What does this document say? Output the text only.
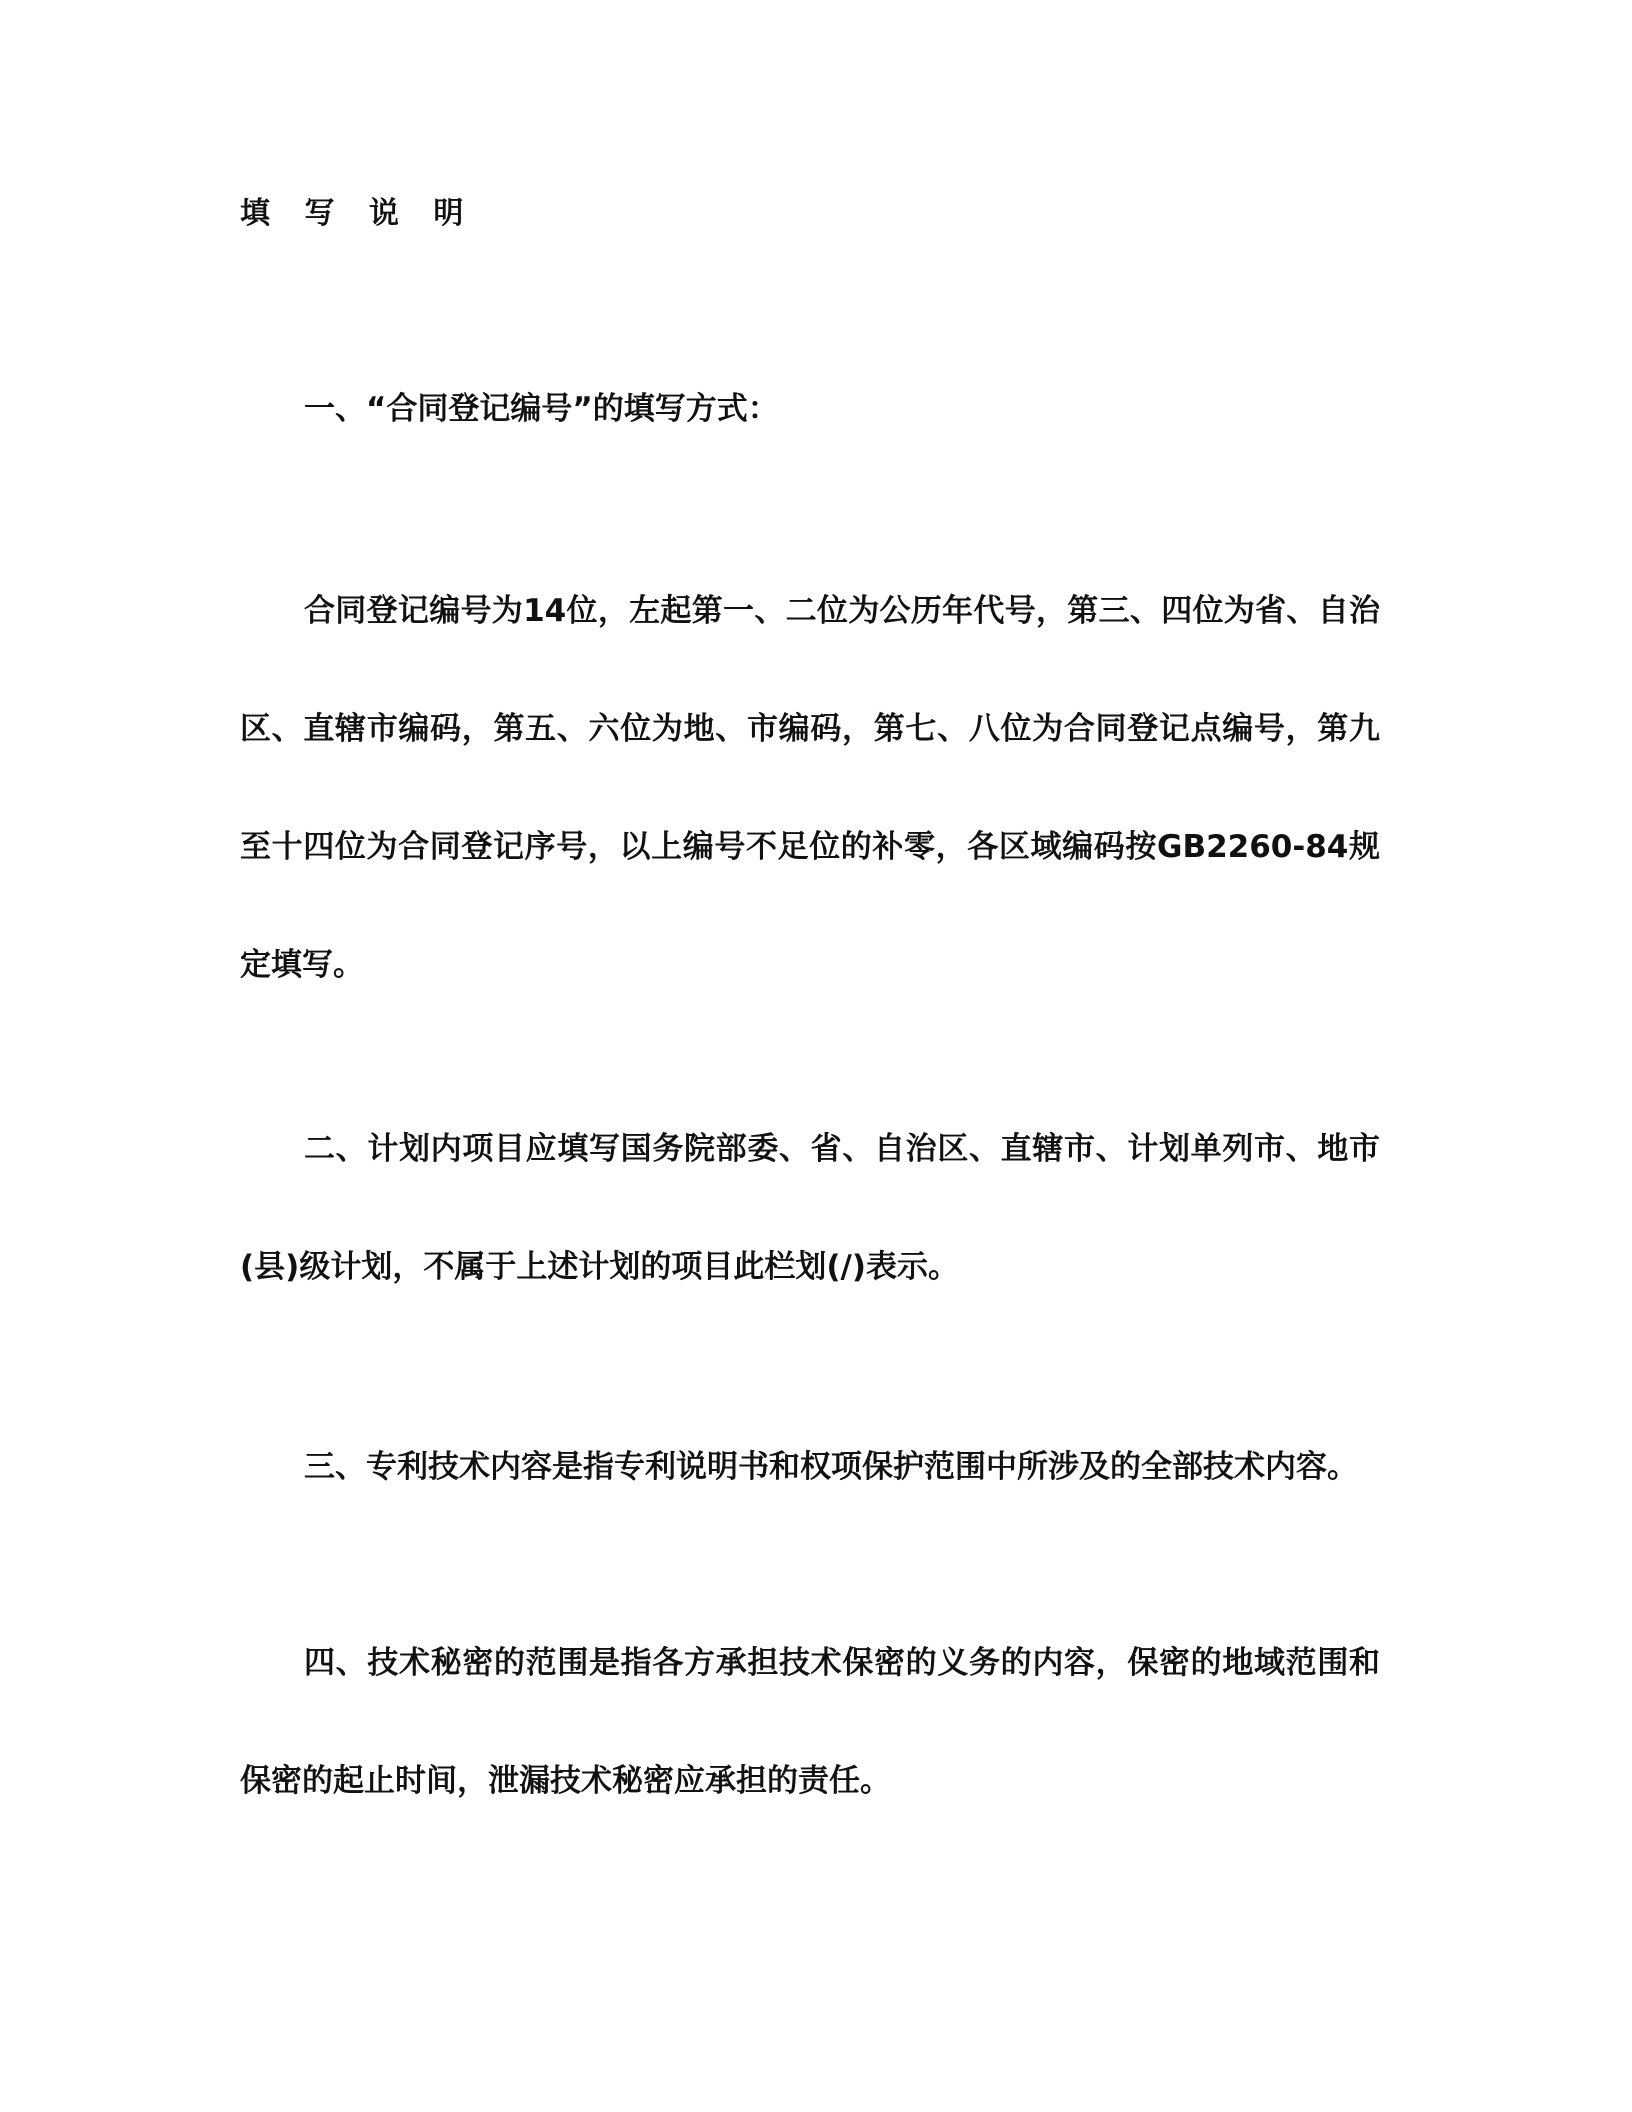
填 写 说 明

一、“合同登记编号”的填写方式：

合同登记编号为14位，左起第一、二位为公历年代号，第三、四位为省、自治区、直辖市编码，第五、六位为地、市编码，第七、八位为合同登记点编号，第九至十四位为合同登记序号，以上编号不足位的补零，各区域编码按GB2260-84规定填写。

二、计划内项目应填写国务院部委、省、自治区、直辖市、计划单列市、地市(县)级计划，不属于上述计划的项目此栏划(/)表示。

三、专利技术内容是指专利说明书和权项保护范围中所涉及的全部技术内容。

四、技术秘密的范围是指各方承担技术保密的义务的内容，保密的地域范围和保密的起止时间，泄漏技术秘密应承担的责任。
